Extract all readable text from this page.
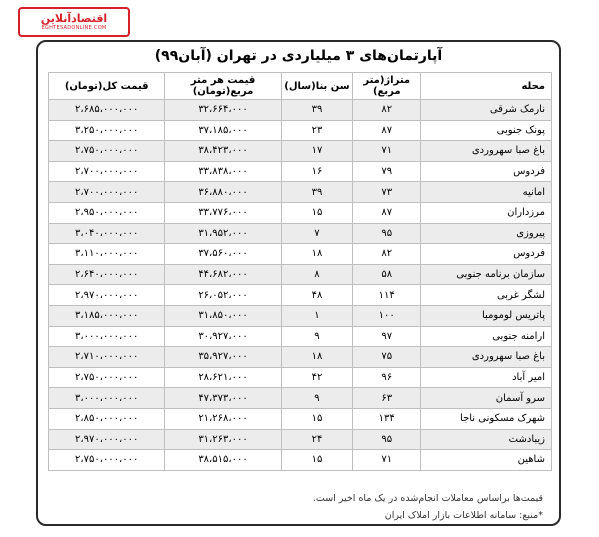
اقتصادآنلاین
EGHTESADONLINE.COM
آپارتمان‌های ۳ میلیاردی در تهران (آبان۹۹)
محله	متراژ(متر مربع)	سن بنا(سال)	قیمت هر متر مربع(تومان)	قیمت کل(تومان)
نارمک شرقی	۸۲	۳۹	۳۲،۶۶۴،۰۰۰	۲،۶۸۵،۰۰۰،۰۰۰
پونک جنوبی	۸۷	۲۳	۳۷،۱۸۵،۰۰۰	۳،۲۵۰،۰۰۰،۰۰۰
باغ صبا سهروردی	۷۱	۱۷	۳۸،۴۲۳،۰۰۰	۲،۷۵۰،۰۰۰،۰۰۰
فردوس	۷۹	۱۶	۳۳،۸۳۸،۰۰۰	۲،۷۰۰،۰۰۰،۰۰۰
امانیه	۷۳	۳۹	۳۶،۸۸۰،۰۰۰	۲،۷۰۰،۰۰۰،۰۰۰
مرزداران	۸۷	۱۵	۳۳،۷۷۶،۰۰۰	۲،۹۵۰،۰۰۰،۰۰۰
پیروزی	۹۵	۷	۳۱،۹۵۲،۰۰۰	۳،۰۴۰،۰۰۰،۰۰۰
فردوس	۸۲	۱۸	۳۷،۵۶۰،۰۰۰	۳،۱۱۰،۰۰۰،۰۰۰
سازمان برنامه جنوبی	۵۸	۸	۴۴،۶۸۲،۰۰۰	۲،۶۴۰،۰۰۰،۰۰۰
لشگر غربی	۱۱۴	۴۸	۲۶،۰۵۲،۰۰۰	۲،۹۷۰،۰۰۰،۰۰۰
پاتریس لومومبا	۱۰۰	۱	۳۱،۸۵۰،۰۰۰	۳،۱۸۵،۰۰۰،۰۰۰
ارامنه جنوبی	۹۷	۹	۳۰،۹۲۷،۰۰۰	۳،۰۰۰،۰۰۰،۰۰۰
باغ صبا سهروردی	۷۵	۱۸	۳۵،۹۲۷،۰۰۰	۲،۷۱۰،۰۰۰،۰۰۰
امیر آباد	۹۶	۴۲	۲۸،۶۲۱،۰۰۰	۲،۷۵۰،۰۰۰،۰۰۰
سرو آسمان	۶۳	۹	۴۷،۳۷۳،۰۰۰	۳،۰۰۰،۰۰۰،۰۰۰
شهرک مسکونی ناجا	۱۳۴	۱۵	۲۱،۲۶۸،۰۰۰	۲،۸۵۰،۰۰۰،۰۰۰
زیبادشت	۹۵	۲۴	۳۱،۲۶۳،۰۰۰	۲،۹۷۰،۰۰۰،۰۰۰
شاهین	۷۱	۱۵	۳۸،۵۱۵،۰۰۰	۲،۷۵۰،۰۰۰،۰۰۰
قیمت‌ها براساس معاملات انجام‌شده در یک ماه اخیر است.
*منبع: سامانه اطلاعات بازار املاک ایران
